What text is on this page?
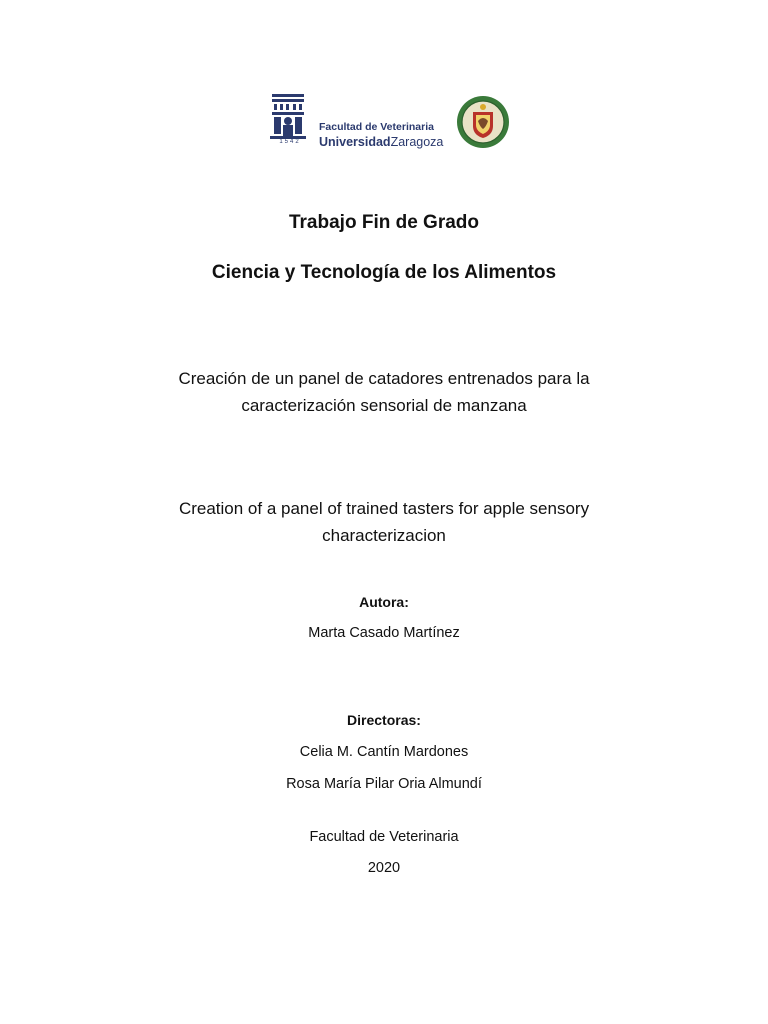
1542
Facultad de Veterinaria
UniversidadZaragoza
Trabajo Fin de Grado
Ciencia y Tecnología de los Alimentos
Creación de un panel de catadores entrenados para la
caracterización sensorial de manzana
Creation of a panel of trained tasters for apple sensory
characterizacion
Autora:
Marta Casado Martínez
Directoras:
Celia M. Cantín Mardones
Rosa María Pilar Oria Almundí
Facultad de Veterinaria
2020
